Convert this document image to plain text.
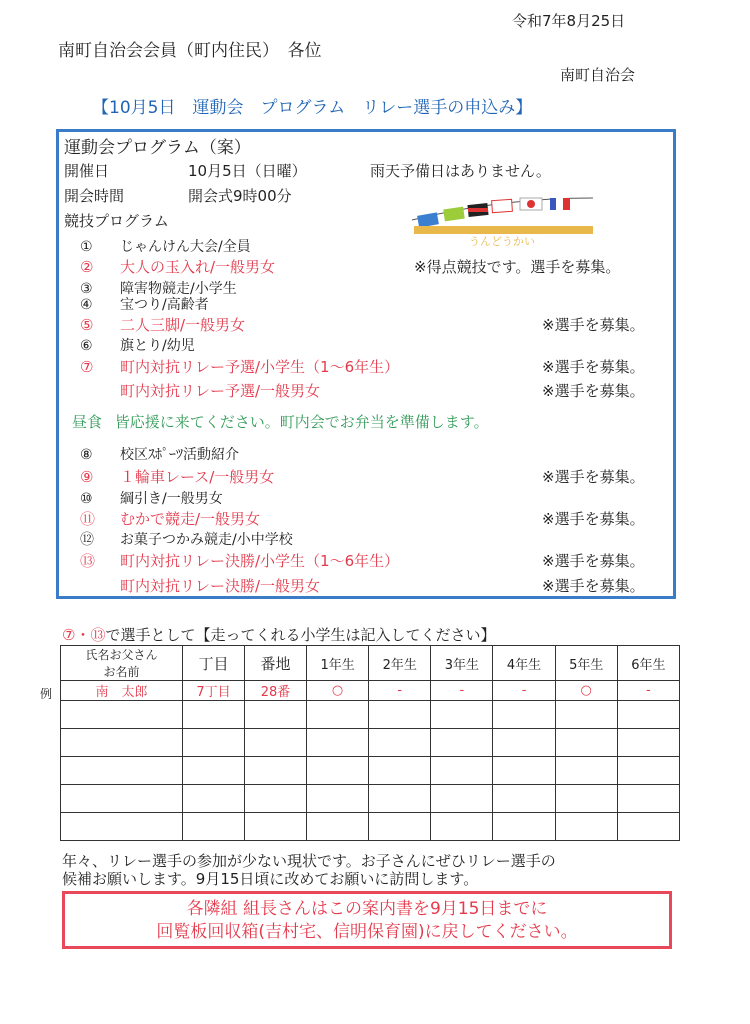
令和7年8月25日
南町自治会会員（町内住民）　各位
南町自治会
【10月5日　運動会　プログラム　リレー選手の申込み】
運動会プログラム（案）
開催日	10月5日（日曜）	雨天予備日はありません。
開会時間	開会式9時00分
競技プログラム
うんどうかい
① じゃんけん大会/全員
② 大人の玉入れ/一般男女	※得点競技です。選手を募集。
③ 障害物競走/小学生
④ 宝つり/高齢者
⑤ 二人三脚/一般男女	※選手を募集。
⑥ 旗とり/幼児
⑦ 町内対抗リレー予選/小学生（1～6年生）	※選手を募集。
町内対抗リレー予選/一般男女	※選手を募集。
⑧ 校区ｽﾎﾟｰﾂ活動紹介
⑨ １輪車レース/一般男女	※選手を募集。
⑩ 綱引き/一般男女
⑪ むかで競走/一般男女	※選手を募集。
⑫ お菓子つかみ競走/小中学校
⑬ 町内対抗リレー決勝/小学生（1～6年生）	※選手を募集。
町内対抗リレー決勝/一般男女	※選手を募集。
昼食 皆応援に来てください。町内会でお弁当を準備します。
⑦・⑬で選手として【走ってくれる小学生は記入してください】
例
氏名お父さん
お名前	丁目	番地	1年生	2年生	3年生	4年生	5年生	6年生
南　太郎	7丁目	28番	○	-	-	-	○	-

年々、リレー選手の参加が少ない現状です。お子さんにぜひリレー選手の
候補お願いします。9月15日頃に改めてお願いに訪問します。
各隣組 組長さんはこの案内書を9月15日までに
回覧板回収箱(吉村宅、信明保育園)に戻してください。
